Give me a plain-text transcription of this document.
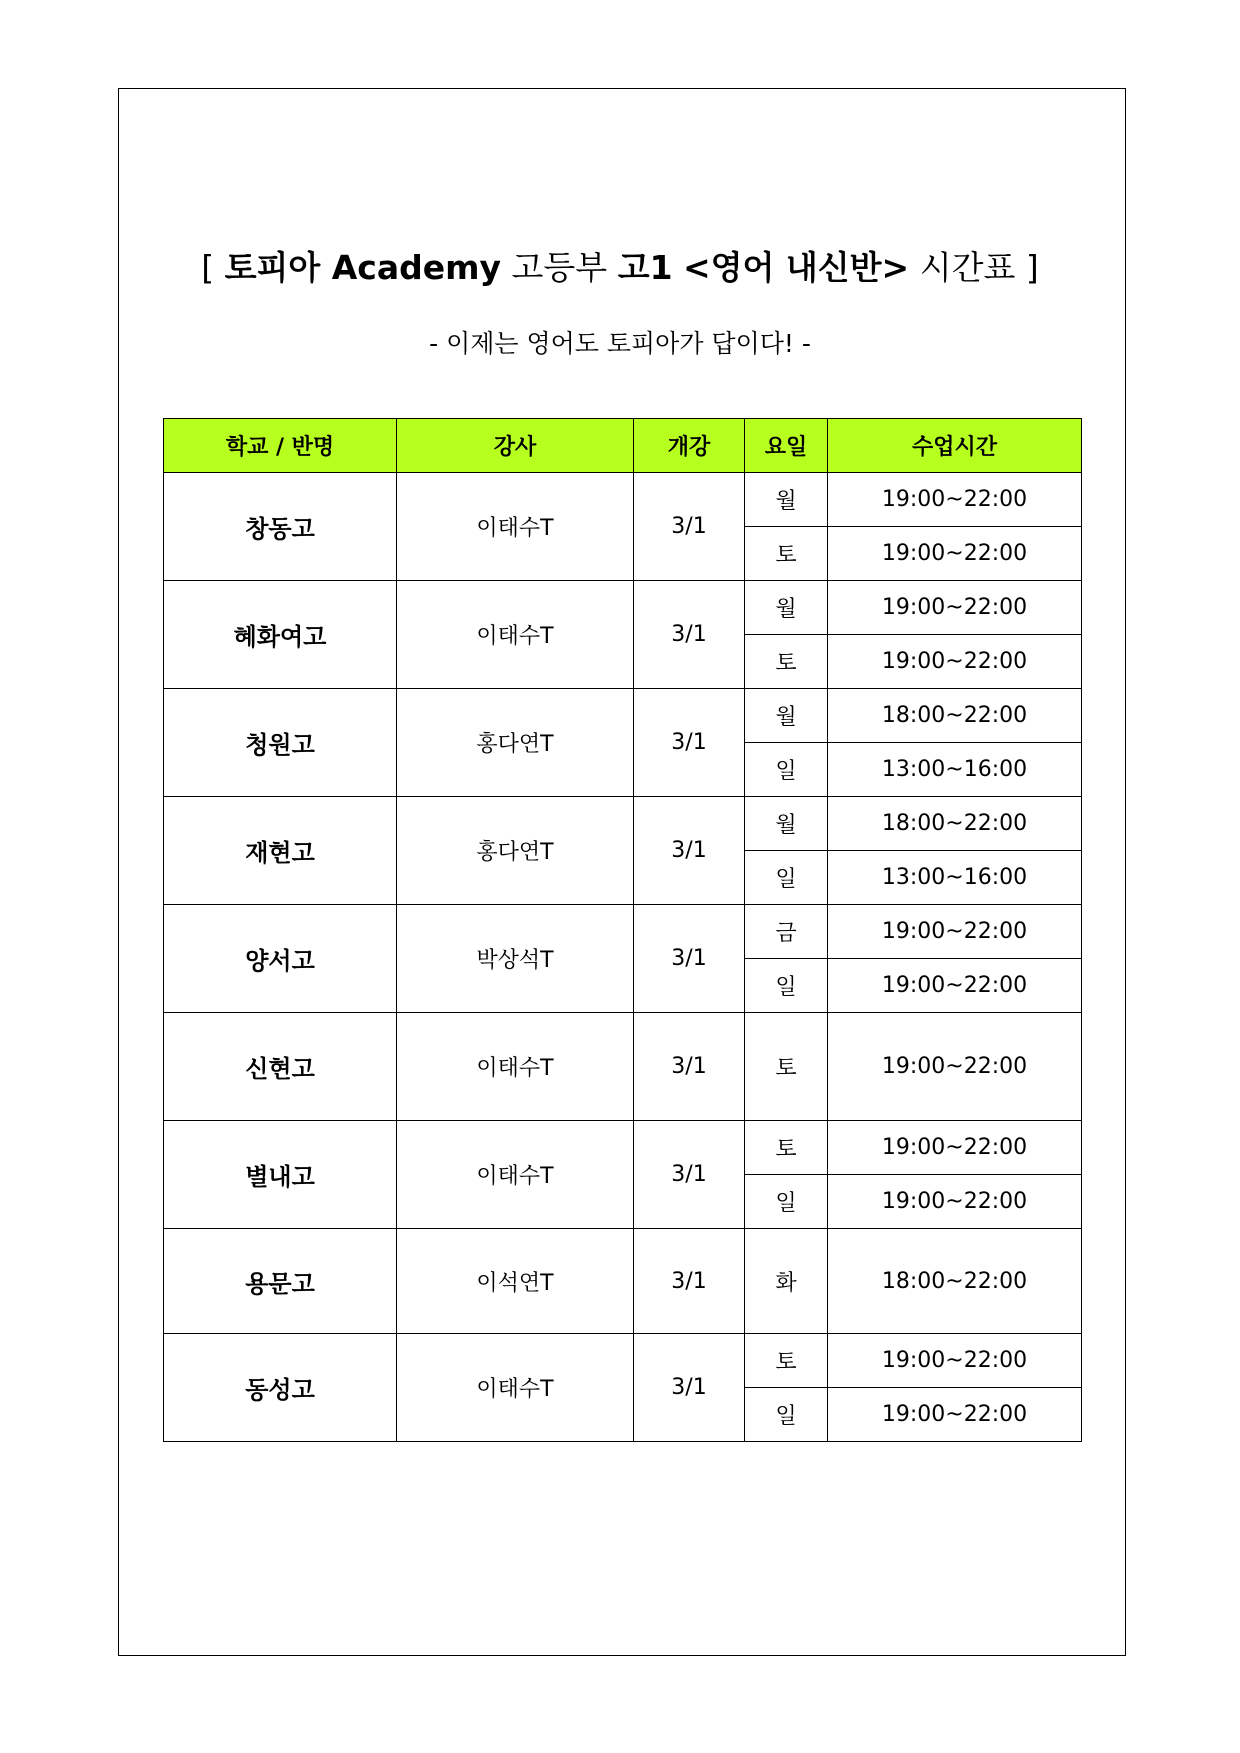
[ 토피아 Academy 고등부 고1 <영어 내신반> 시간표 ]
- 이제는 영어도 토피아가 답이다! -
학교 / 반명	강사	개강	요일	수업시간
창동고	이태수T	3/1	월	19:00~22:00
			토	19:00~22:00
혜화여고	이태수T	3/1	월	19:00~22:00
			토	19:00~22:00
청원고	홍다연T	3/1	월	18:00~22:00
			일	13:00~16:00
재현고	홍다연T	3/1	월	18:00~22:00
			일	13:00~16:00
양서고	박상석T	3/1	금	19:00~22:00
			일	19:00~22:00
신현고	이태수T	3/1	토	19:00~22:00
별내고	이태수T	3/1	토	19:00~22:00
			일	19:00~22:00
용문고	이석연T	3/1	화	18:00~22:00
동성고	이태수T	3/1	토	19:00~22:00
			일	19:00~22:00
